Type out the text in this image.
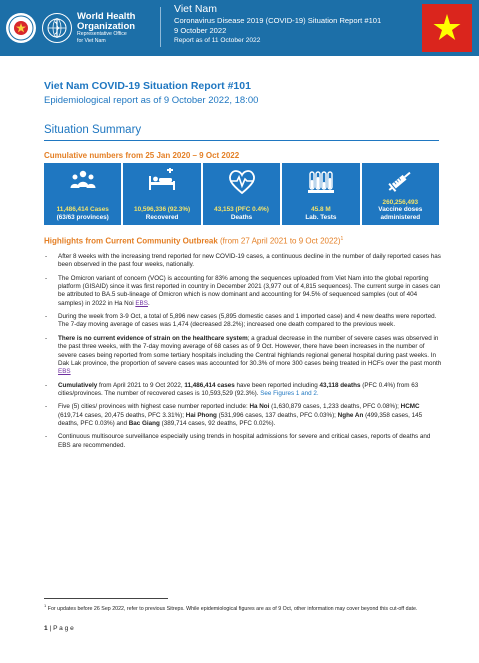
World Health
Organization
Representative Office
for Viet Nam
Viet Nam
Coronavirus Disease 2019 (COVID-19) Situation Report #101
9 October 2022
Report as of 11 October 2022
Viet Nam COVID-19 Situation Report #101
Epidemiological report as of 9 October 2022, 18:00
Situation Summary
Cumulative numbers from 25 Jan 2020 – 9 Oct 2022
11,486,414 Cases
(63/63 provinces)
10,596,336 (92.3%)
Recovered
43,153 (PFC 0.4%)
Deaths
45.8 M
Lab. Tests
260,256,493
Vaccine doses administered
Highlights from Current Community Outbreak (from 27 April 2021 to 9 Oct 2022)$^1$
- After 8 weeks with the increasing trend reported for new COVID-19 cases, a continuous decline in the number of daily reported cases has been observed in the past four weeks, nationally.
- The Omicron variant of concern (VOC) is accounting for 83% among the sequences uploaded from Viet Nam into the global reporting platform (GISAID) since it was first reported in country in December 2021 (3,977 out of 4,815 sequences). The current surge in cases can be attributed to BA.5 sub-lineage of Omicron which is now dominant and accounting for 94.5% of sequenced samples (out of 404 samples) in 2022 in Ha Noi EBS.
- During the week from 3-9 Oct, a total of 5,896 new cases (5,895 domestic cases and 1 imported case) and 4 new deaths were reported. The 7-day moving average of cases was 1,474 (decreased 28.2%); increased one death compared to the previous week.
- There is no current evidence of strain on the healthcare system; a gradual decrease in the number of severe cases was observed in the past three weeks, with the 7-day moving average of 68 cases as of 9 Oct. However, there have been increases in the number of severe cases being reported from some tertiary hospitals including the Central highlands regional general hospital during past weeks. In Dak Lak province, the proportion of severe cases was accounted for 30.3% of more 300 cases being treated in HCFs over the past month EBS
- Cumulatively from April 2021 to 9 Oct 2022, 11,486,414 cases have been reported including 43,118 deaths (PFC 0.4%) from 63 cities/provinces. The number of recovered cases is 10,593,529 (92.3%). See Figures 1 and 2.
- Five (5) cities/ provinces with highest case number reported include: Ha Noi (1,630,879 cases, 1,233 deaths, PFC 0.08%); HCMC (619,714 cases, 20,475 deaths, PFC 3.31%); Hai Phong (531,996 cases, 137 deaths, PFC 0.03%); Nghe An (499,358 cases, 145 deaths, PFC 0.03%) and Bac Giang (389,714 cases, 92 deaths, PFC 0.02%).
- Continuous multisource surveillance especially using trends in hospital admissions for severe and critical cases, reports of deaths and EBS are recommended.
$^1$ For updates before 26 Sep 2022, refer to previous Sitreps. While epidemiological figures are as of 9 Oct, other information may cover beyond this cut-off date.
1 | P a g e
